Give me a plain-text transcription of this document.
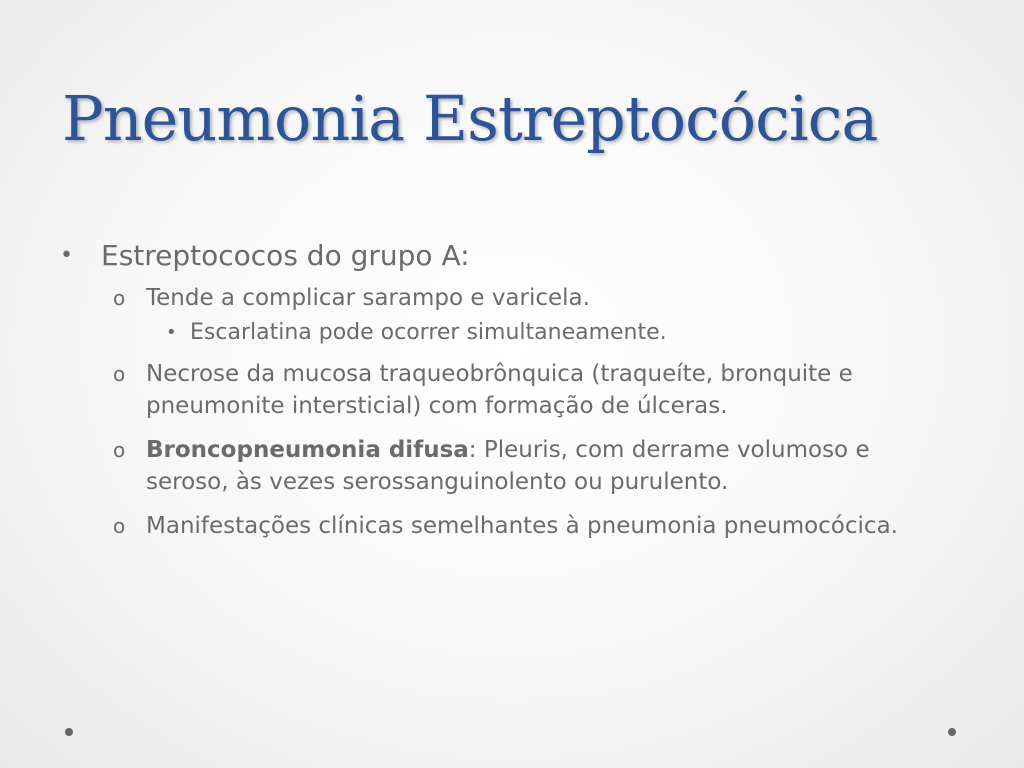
Pneumonia Estreptocócica

• Estreptococos do grupo A:

o Tende a complicar sarampo e varicela.

• Escarlatina pode ocorrer simultaneamente.

o Necrose da mucosa traqueobrônquica (traqueíte, bronquite e pneumonite intersticial) com formação de úlceras.

o Broncopneumonia difusa: Pleuris, com derrame volumoso e seroso, às vezes serossanguinolento ou purulento.

o Manifestações clínicas semelhantes à pneumonia pneumocócica.
